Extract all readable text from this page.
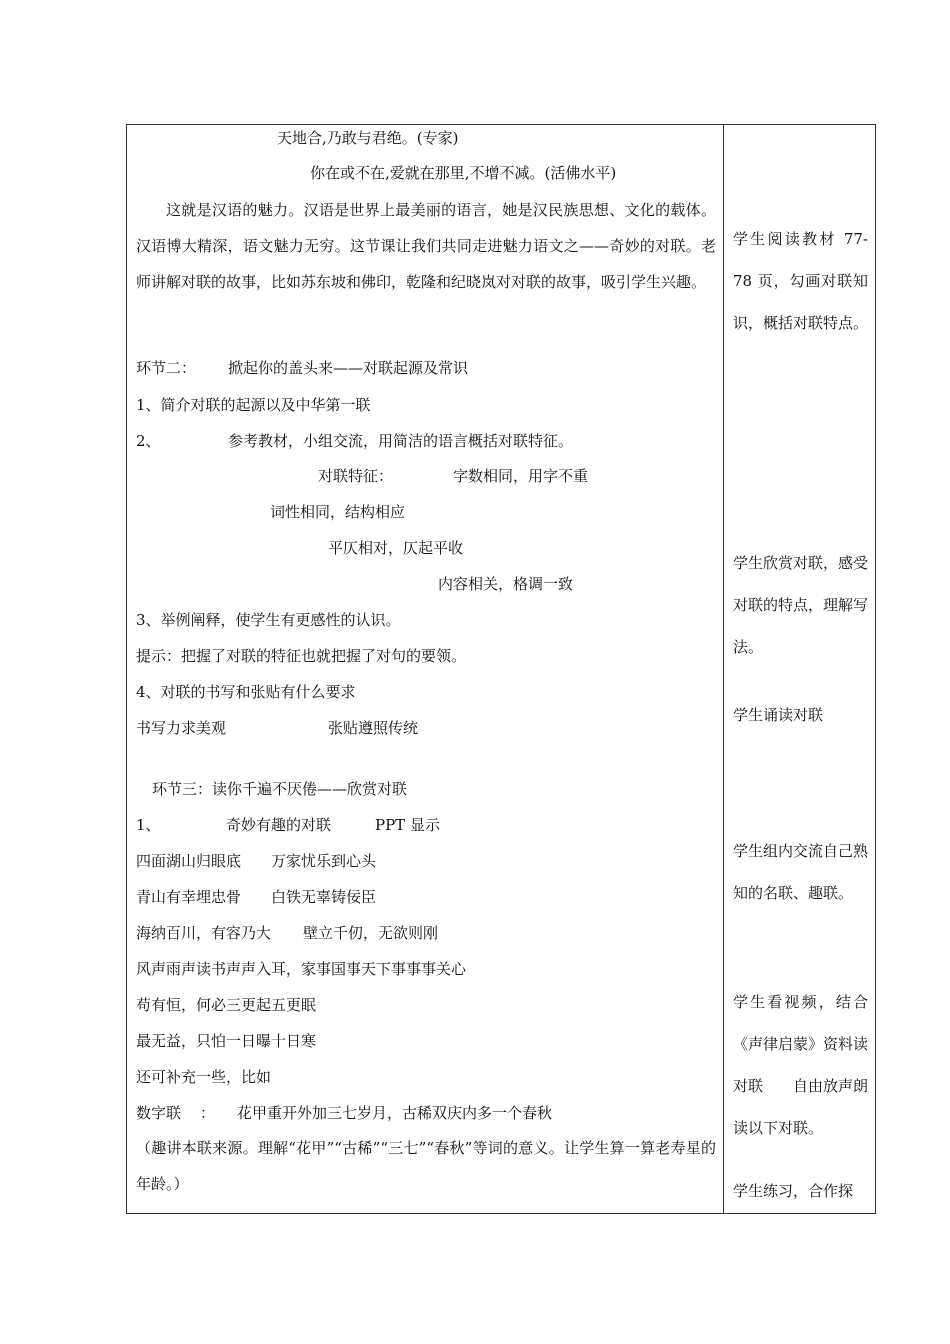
天地合,乃敢与君绝。(专家)
你在或不在,爱就在那里,不增不减。(活佛水平)
这就是汉语的魅力。汉语是世界上最美丽的语言，她是汉民族思想、文化的载体。汉语博大精深，语文魅力无穷。这节课让我们共同走进魅力语文之——奇妙的对联。老师讲解对联的故事，比如苏东坡和佛印，乾隆和纪晓岚对对联的故事，吸引学生兴趣。
环节二： 掀起你的盖头来——对联起源及常识
1、简介对联的起源以及中华第一联
2、	参考教材，小组交流，用简洁的语言概括对联特征。
对联特征：	字数相同，用字不重
词性相同，结构相应
平仄相对，仄起平收
内容相关，格调一致
3、举例阐释，使学生有更感性的认识。
提示：把握了对联的特征也就把握了对句的要领。
4、对联的书写和张贴有什么要求
书写力求美观	张贴遵照传统
环节三：读你千遍不厌倦——欣赏对联
1、	奇妙有趣的对联	PPT 显示
四面湖山归眼底 万家忧乐到心头
青山有幸埋忠骨 白铁无辜铸佞臣
海纳百川，有容乃大 壁立千仞，无欲则刚
风声雨声读书声声入耳，家事国事天下事事事关心
苟有恒，何必三更起五更眠
最无益，只怕一日曝十日寒
还可补充一些，比如
数字联 ： 花甲重开外加三七岁月，古稀双庆内多一个春秋
（趣讲本联来源。理解“花甲”“古稀”“三七”“春秋”等词的意义。让学生算一算老寿星的年龄。）
学生阅读教材 77-78 页，勾画对联知识，概括对联特点。
学生欣赏对联，感受对联的特点，理解写法。
学生诵读对联
学生组内交流自己熟知的名联、趣联。
学生看视频，结合《声律启蒙》资料读对联　　自由放声朗读以下对联。
学生练习，合作探
